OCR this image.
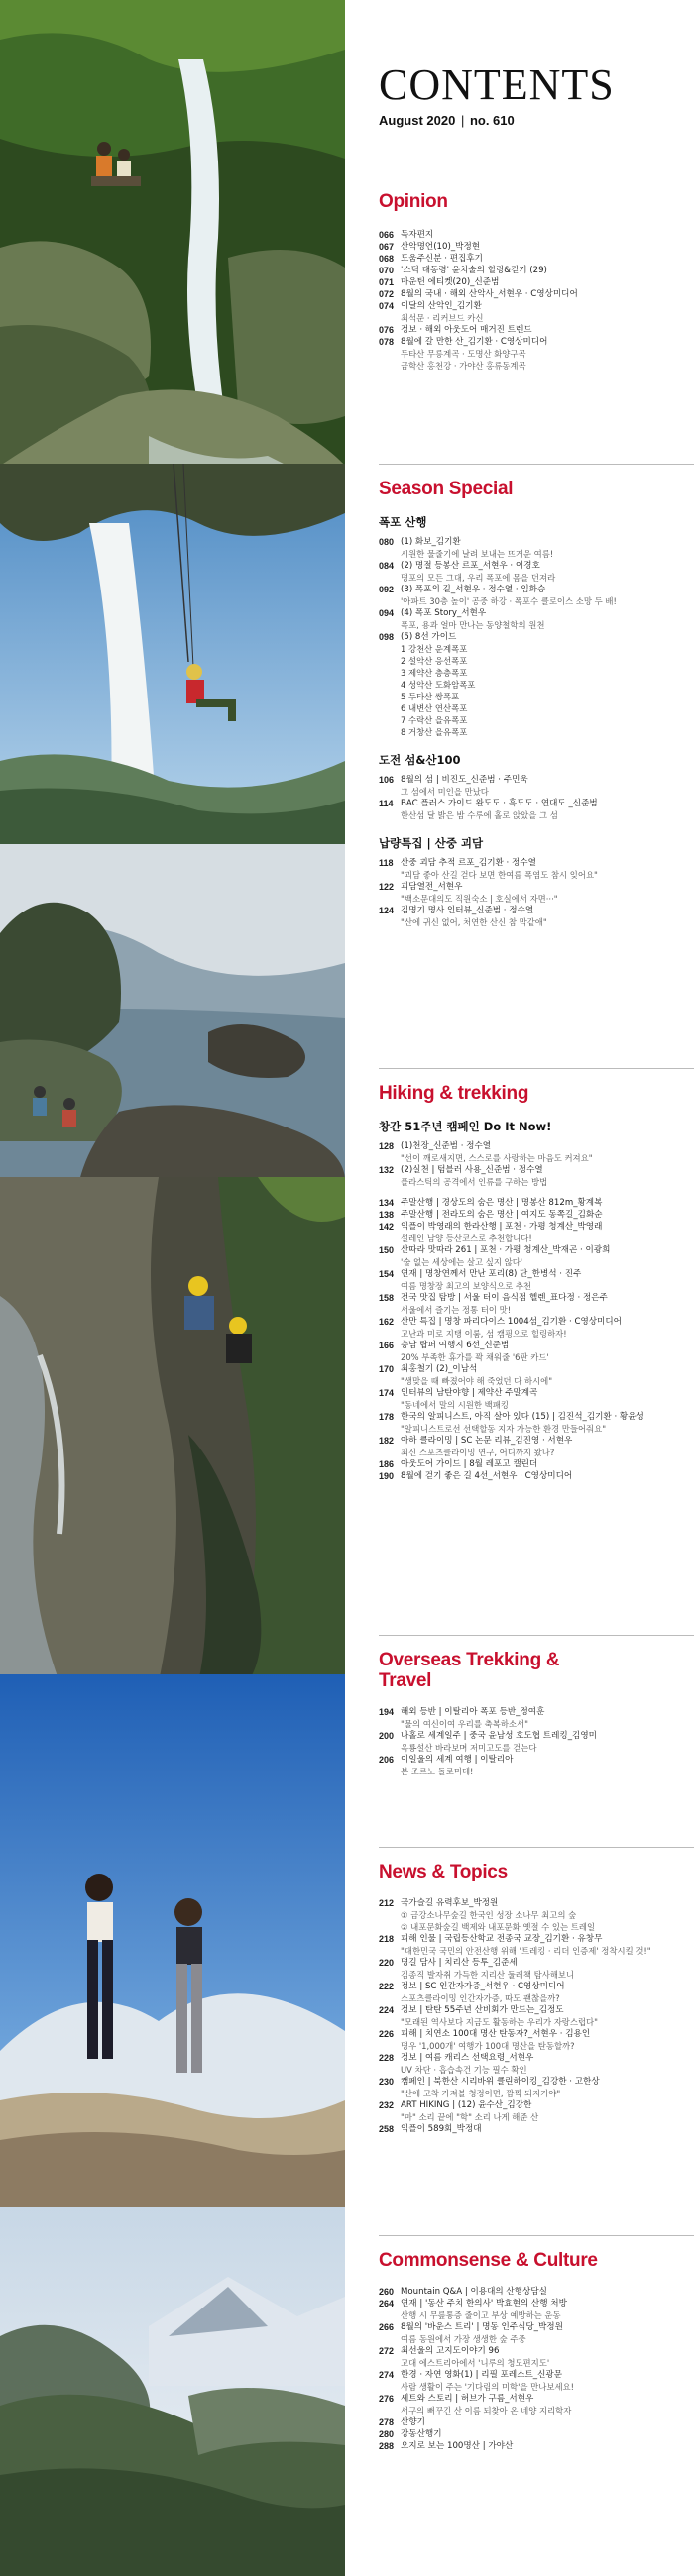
CONTENTS
August 2020 | no. 610
Opinion
066 독자편지
067 산악명언(10)_박정현
068 도움주신분 · 편집후기
070 '스틱 대동령' 윤치술의 힐링&걷기 (29)
071 마운틴 에티켓(20)_신준범
072 8월의 국내 · 해외 산악사_서현우 · C영상미디어
074 이달의 산악인_김기환
최석문 · 리커브드 카신
076 정보 · 해외 아웃도어 매거진 트렌드
078 8월에 갈 만한 산_김기환 · C영상미디어
두타산 무릉계곡 · 도명산 화양구곡
금학산 홍천강 · 가야산 홍류동계곡
Season Special
폭포 산행
080 (1) 화보_김기환
시원한 물줄기에 날려 보내는 뜨거운 여름!
084 (2) 명절 등봉산 르포_서현우 · 이경호
명포의 모든 그대, 우리 폭포에 몸을 던져라
092 (3) 폭포의 길_서현우 · 정수열 · 임화승
'아파트 30층 높이' 공중 하강 · 폭포수 클로이스 소망 두 배!
094 (4) 폭포 Story_서현우
폭포, 용과 얼마 만나는 동양철학의 원천
098 (5) 8선 가이드
1 강천산 운계폭포
2 설악산 응선폭포
3 제약산 층층폭포
4 성악산 도화암폭포
5 두타산 쌍폭포
6 내변산 연산폭포
7 수락산 을유폭포
8 거창산 을유폭포
도전 섬&산100
106 8월의 섬 | 비진도_신준범 · 주민욱
그 섬에서 미인을 만났다
114 BAC 플러스 가이드 완도도 · 흑도도 · 연대도 _신준범
한산섬 달 밝은 밤 수루에 홀로 앉았을 그 섬
납량특집 | 산중 괴담
118 산중 괴담 추적 르포_김기환 · 정수열
"괴담 좋아 산길 걷다 보면 한여름 폭염도 참시 잊어요"
122 괴담열전_서현우
"백소문대의도 직원숙소 | 호실에서 자면···"
124 김명기 명사 인터뷰_신준범 · 정수열
"산에 귀신 없어, 처연한 산신 참 막같애"
Hiking & trekking
창간 51주년 캠페인 Do It Now!
128 (1)천장_신준범 · 정수열
"선이 깨로새지면, 스스로를 사랑하는 마음도 커져요"
132 (2)실천 | 텀블러 사용_신준범 · 정수열
플라스틱의 공격에서 인류를 구하는 방법
134 주말산행 | 경상도의 숨은 명산 | 명봉산 812m_황계복
138 주말산행 | 전라도의 숨은 명산 | 여지도 동쪽길_김화순
142 익플이 박영래의 한라산행 | 포천 · 가평 청계산_박영래
설레인 남양 등산코스로 추천합니다!
150 산따라 맛따라 261 | 포천 · 가평 청계산_박재곤 · 이광희
'술 없는 세상에는 살고 싶지 않다'
154 연재 | 명창연께서 만난 포리(8) 단_한병석 · 진주
여름 명창장 최고의 보양식으로 추천
158 전국 맛집 탐방 | 서울 터이 음식점 헬렌_표다정 · 정은주
서울에서 즐기는 정통 터이 맛!
162 산만 특집 | 명창 파리다이스 1004섬_김기환 · C영상미디어
고난과 미로 지탱 이룸, 섬 캠핑으로 힐링하자!
166 충남 탑퍼 여행지 6선_신준범
20% 부족한 휴가를 꽉 채워줄 '6판 카드'
170 최홍철기 (2)_이남석
"생맞을 때 빠졌어야 해 죽었던 다 하시에"
174 인터뷰의 남탄야향 | 제약산 주말계곡
"동네에서 말의 시원한 백패킹
178 한국의 알피니스트, 아직 살아 있다 (15) | 김진석_김기환 · 황윤성
"알피니스트로선 선택할동 지자 가능한 환경 만들어줘요"
182 아하 클라이밍 | SC 논문 리뷰_김진영 · 서현우
최신 스포츠클라이밍 연구, 어디까지 왔나?
186 아웃도어 가이드 | 8월 레포고 캘린더
190 8월에 걷기 좋은 길 4선_서현우 · C영상미디어
Overseas Trekking & Travel
194 해외 등반 | 이탈리아 폭포 등반_정여훈
"물의 여신이여 우리를 축복하소서"
200 나홀로 세계일주 | 중국 윤남성 호도협 트레킹_김영미
옥룡설산 바라보며 저미고도를 걷는다
206 이일울의 세계 여행 | 이탈리아
본 조르노 돌로미테!
News & Topics
212 국가슬길 유력후보_박정원
① 금강소나무숲길 한국인 성장 소나무 최고의 숲
② 내포문화숲길 백제와 내포문화 옛절 수 있는 트레일
218 피해 인물 | 국립등산학교 전종국 교장_김기환 · 유창무
"대한민국 국민의 안전산행 위해 '트레킹 · 리더 인증제' 정착시킬 것!"
220 명길 담사 | 치리산 등투_김준세
김종직 발자취 가득한 지리산 둘레책 탐사해보니
222 정보 | SC 인간자가증_서현우 · C영상미디어
스포츠클라이밍 인간자가증, 따도 괜찮을까?
224 정보 | 탄탄 55주년 산비회가 만드는_김정도
"모래된 역사보다 지금도 활동하는 우리가 자랑스럽다"
226 피해 | 치연소 100대 명산 탄동자?_서현우 · 김용인
명우 '1,000개' 여행가 100대 명산을 탄동할까?
228 정보 | 여름 캐리스 선택요령_서현우
UV 차단 · 흡습속건 기능 필수 확인
230 캠페인 | 북한산 시리바위 클린하이킹_김강한 · 고한상
"산에 고착 가져볼 청정이면, 깜찍 되지거야"
232 ART HIKING | (12) 윤수산_김강한
"마" 소리 끝에 "학" 소리 나게 해준 산
258 익플이 589회_박정대
Commonsense & Culture
260 Mountain Q&A | 이용대의 산행상담실
264 연재 | '동산 주치 한의사' 박효현의 산행 처방
산행 시 무릎통증 줄이고 부상 예방하는 운동
266 8월의 '바운스 트리' | 명동 인주식당_박정원
여름 동원에서 가장 생생한 숲 주중
272 최선울의 고지도이야기 96
고대 에스트리아에서 '니루의 청도편지도'
274 한경 · 자연 영화(1) | 리필 포레스트_신광문
사람 생활이 주는 '기다림의 미학'을 만나보세요!
276 세트와 스토리 | 허브가 구름_서현우
서구의 뻐꾸긴 산 이름 되찾아 온 네양 지리학자
278 산향기
280 강동산행기
288 오지로 보는 100명산 | 가야산
